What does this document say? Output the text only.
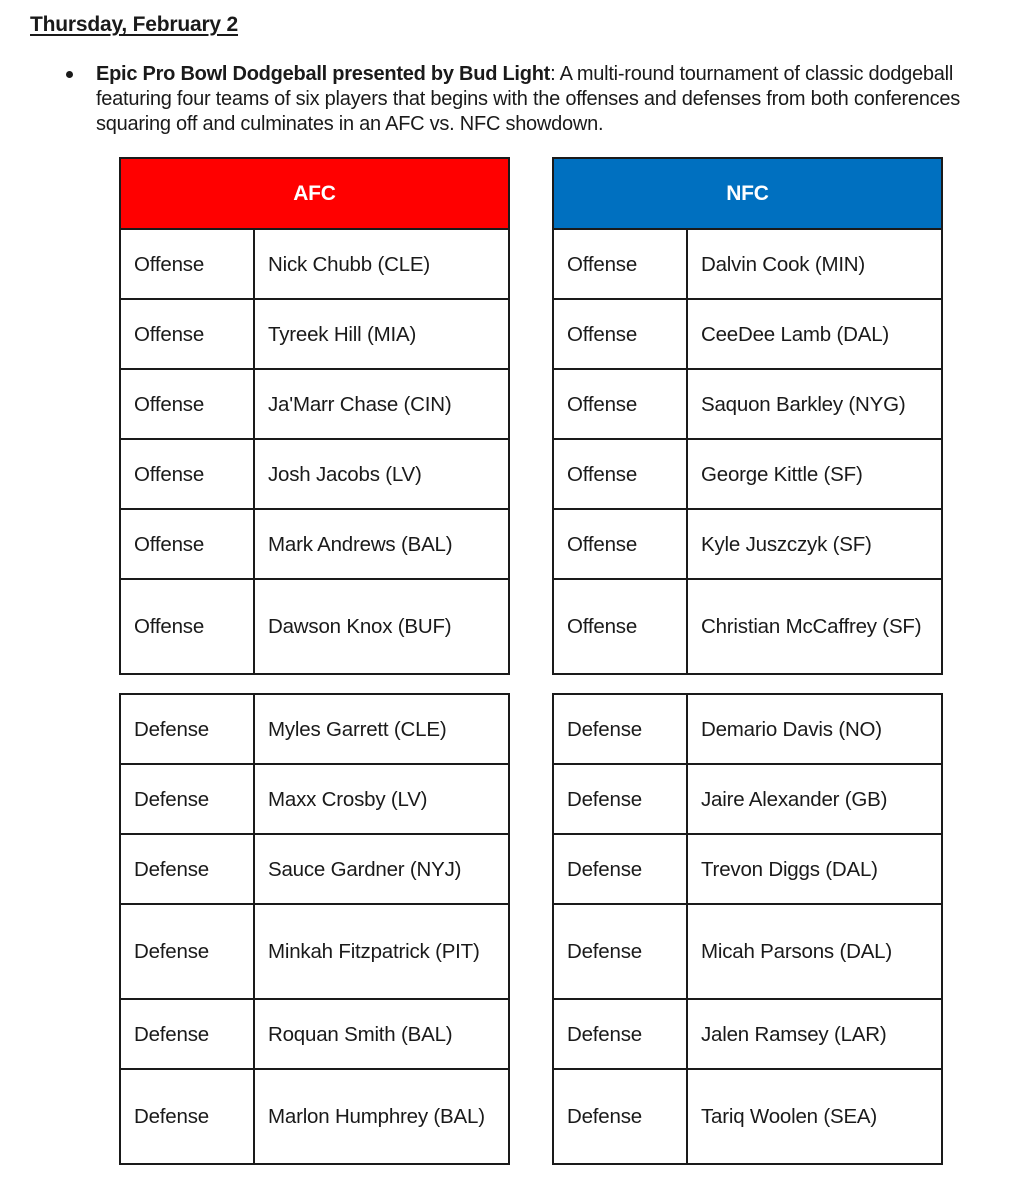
Thursday, February 2
Epic Pro Bowl Dodgeball presented by Bud Light: A multi-round tournament of classic dodgeball featuring four teams of six players that begins with the offenses and defenses from both conferences squaring off and culminates in an AFC vs. NFC showdown.
AFC	
Offense	Nick Chubb (CLE)
Offense	Tyreek Hill (MIA)
Offense	Ja'Marr Chase (CIN)
Offense	Josh Jacobs (LV)
Offense	Mark Andrews (BAL)
Offense	Dawson Knox (BUF)
NFC	
Offense	Dalvin Cook (MIN)
Offense	CeeDee Lamb (DAL)
Offense	Saquon Barkley (NYG)
Offense	George Kittle (SF)
Offense	Kyle Juszczyk (SF)
Offense	Christian McCaffrey (SF)
Defense	Myles Garrett (CLE)
Defense	Maxx Crosby (LV)
Defense	Sauce Gardner (NYJ)
Defense	Minkah Fitzpatrick (PIT)
Defense	Roquan Smith (BAL)
Defense	Marlon Humphrey (BAL)
Defense	Demario Davis (NO)
Defense	Jaire Alexander (GB)
Defense	Trevon Diggs (DAL)
Defense	Micah Parsons (DAL)
Defense	Jalen Ramsey (LAR)
Defense	Tariq Woolen (SEA)
